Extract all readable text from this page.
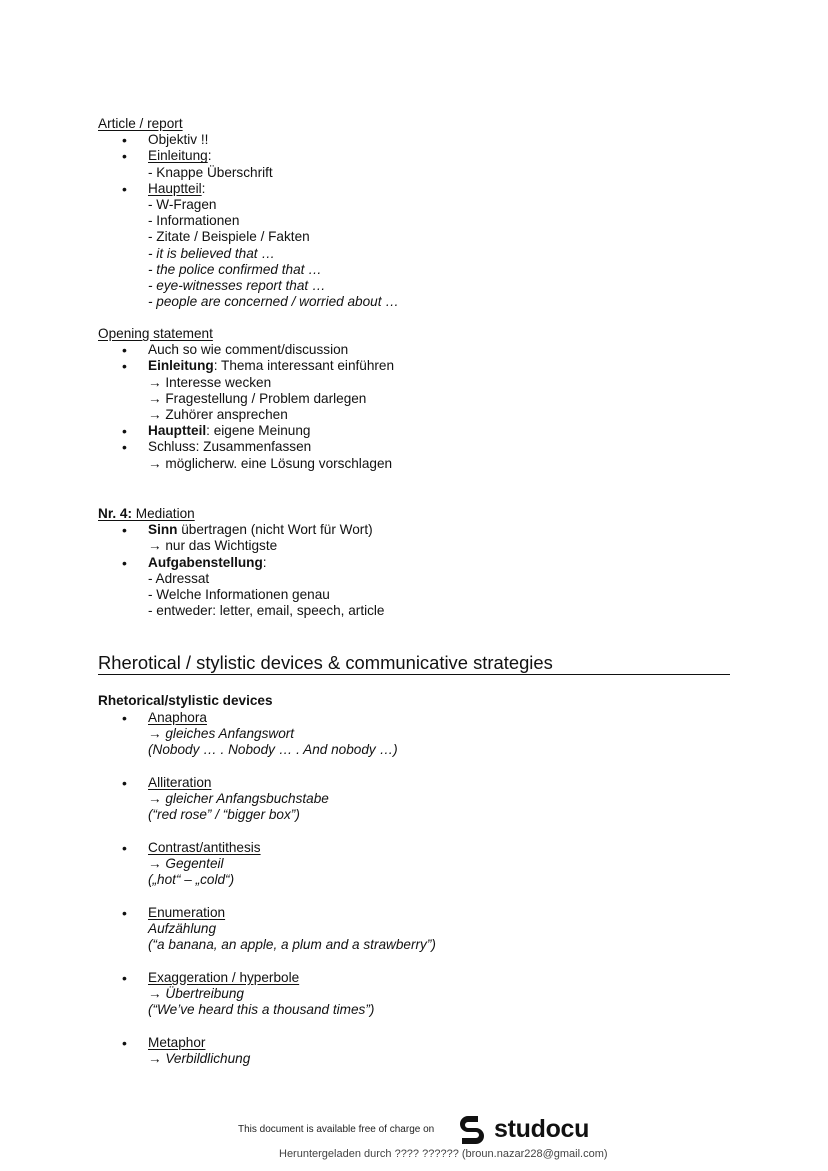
Article / report
• Objektiv !!
• Einleitung:
- Knappe Überschrift
• Hauptteil:
- W-Fragen
- Informationen
- Zitate / Beispiele / Fakten
- it is believed that …
- the police confirmed that …
- eye-witnesses report that …
- people are concerned / worried about …
Opening statement
• Auch so wie comment/discussion
• Einleitung: Thema interessant einführen
→ Interesse wecken
→ Fragestellung / Problem darlegen
→ Zuhörer ansprechen
• Hauptteil: eigene Meinung
• Schluss: Zusammenfassen
→ möglicherw. eine Lösung vorschlagen
Nr. 4: Mediation
• Sinn übertragen (nicht Wort für Wort)
→ nur das Wichtigste
• Aufgabenstellung:
- Adressat
- Welche Informationen genau
- entweder: letter, email, speech, article
Rherotical / stylistic devices & communicative strategies
Rhetorical/stylistic devices
• Anaphora
→ gleiches Anfangswort
(Nobody … . Nobody … . And nobody …)
• Alliteration
→ gleicher Anfangsbuchstabe
(“red rose” / “bigger box”)
• Contrast/antithesis
→ Gegenteil
(„hot“ – „cold“)
• Enumeration
Aufzählung
(“a banana, an apple, a plum and a strawberry”)
• Exaggeration / hyperbole
→ Übertreibung
(“We’ve heard this a thousand times”)
• Metaphor
→ Verbildlichung
This document is available free of charge on studocu
Heruntergeladen durch ???? ?????? (broun.nazar228@gmail.com)
